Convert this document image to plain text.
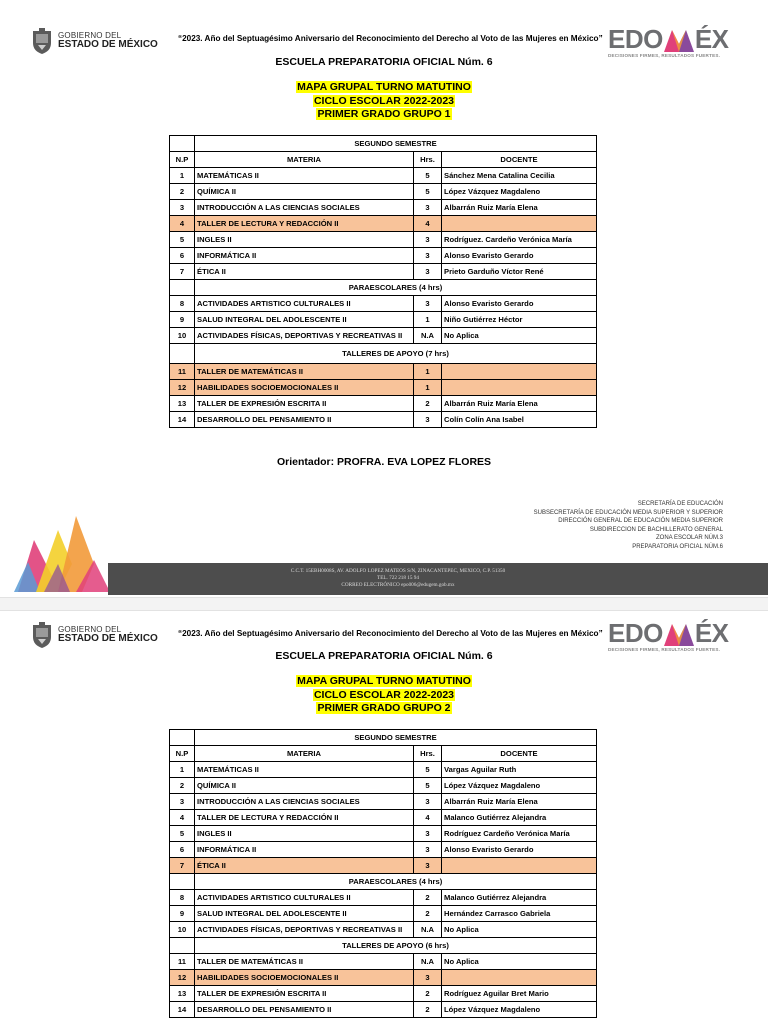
GOBIERNO DEL
ESTADO DE MÉXICO
“2023. Año del Septuagésimo Aniversario del Reconocimiento del Derecho al Voto de las Mujeres en México” EDO ÉX
DECISIONES FIRMES, RESULTADOS FUERTES.
ESCUELA PREPARATORIA OFICIAL Núm. 6
MAPA GRUPAL TURNO MATUTINO
CICLO ESCOLAR 2022-2023
PRIMER GRADO GRUPO 1
	SEGUNDO SEMESTRE		
N.P	MATERIA	Hrs.	DOCENTE
1	MATEMÁTICAS II	5	Sánchez Mena Catalina Cecilia
2	QUÍMICA II	5	López Vázquez Magdaleno
3	INTRODUCCIÓN A LAS CIENCIAS SOCIALES	3	Albarrán Ruiz María Elena
4	TALLER DE LECTURA Y REDACCIÓN II	4	
5	INGLES II	3	Rodríguez. Cardeño Verónica María
6	INFORMÁTICA II	3	Alonso Evaristo Gerardo
7	ÉTICA II	3	Prieto Garduño Víctor René
	PARAESCOLARES (4 hrs)		
8	ACTIVIDADES ARTISTICO CULTURALES II	3	Alonso Evaristo Gerardo
9	SALUD INTEGRAL DEL ADOLESCENTE II	1	Niño Gutiérrez Héctor
10	ACTIVIDADES FÍSICAS, DEPORTIVAS Y RECREATIVAS II	N.A	No Aplica
	TALLERES DE APOYO (7 hrs)		
11	TALLER DE MATEMÁTICAS II	1	
12	HABILIDADES SOCIOEMOCIONALES II	1	
13	TALLER DE EXPRESIÓN ESCRITA II	2	Albarrán Ruiz María Elena
14	DESARROLLO DEL PENSAMIENTO II	3	Colín Colín Ana Isabel
Orientador: PROFRA. EVA LOPEZ FLORES
SECRETARÍA DE EDUCACIÓN
SUBSECRETARÍA DE EDUCACIÓN MEDIA SUPERIOR Y SUPERIOR
DIRECCIÓN GENERAL DE EDUCACIÓN MEDIA SUPERIOR
SUBDIRECCION DE BACHILLERATO GENERAL
ZONA ESCOLAR NÚM.3
PREPARATORIA OFICIAL NÚM.6
C.C.T. 15EBH0008S, AV. ADOLFO LOPEZ MATEOS S/N, ZINACANTEPEC, MEXICO, C.P. 51350
TEL. 722 218 15 94
CORREO ELECTRÓNICO epo006@edugem.gob.mx
GOBIERNO DEL
ESTADO DE MÉXICO “2023. Año del Septuagésimo Aniversario del Reconocimiento del Derecho al Voto de las Mujeres en México” EDO ÉX
DECISIONES FIRMES, RESULTADOS FUERTES.
ESCUELA PREPARATORIA OFICIAL Núm. 6
MAPA GRUPAL TURNO MATUTINO
CICLO ESCOLAR 2022-2023
PRIMER GRADO GRUPO 2
	SEGUNDO SEMESTRE		
N.P	MATERIA	Hrs.	DOCENTE
1	MATEMÁTICAS II	5	Vargas Aguilar Ruth
2	QUÍMICA II	5	López Vázquez Magdaleno
3	INTRODUCCIÓN A LAS CIENCIAS SOCIALES	3	Albarrán Ruiz María Elena
4	TALLER DE LECTURA Y REDACCIÓN II	4	Malanco Gutiérrez Alejandra
5	INGLES II	3	Rodríguez Cardeño Verónica María
6	INFORMÁTICA II	3	Alonso Evaristo Gerardo
7	ÉTICA II	3	
	PARAESCOLARES (4 hrs)		
8	ACTIVIDADES ARTISTICO CULTURALES II	2	Malanco Gutiérrez Alejandra
9	SALUD INTEGRAL DEL ADOLESCENTE II	2	Hernández Carrasco Gabriela
10	ACTIVIDADES FÍSICAS, DEPORTIVAS Y RECREATIVAS II	N.A	No Aplica
	TALLERES DE APOYO (6 hrs)		
11	TALLER DE MATEMÁTICAS II	N.A	No Aplica
12	HABILIDADES SOCIOEMOCIONALES II	3	
13	TALLER DE EXPRESIÓN ESCRITA II	2	Rodríguez Aguilar Bret Mario
14	DESARROLLO DEL PENSAMIENTO II	2	López Vázquez Magdaleno
